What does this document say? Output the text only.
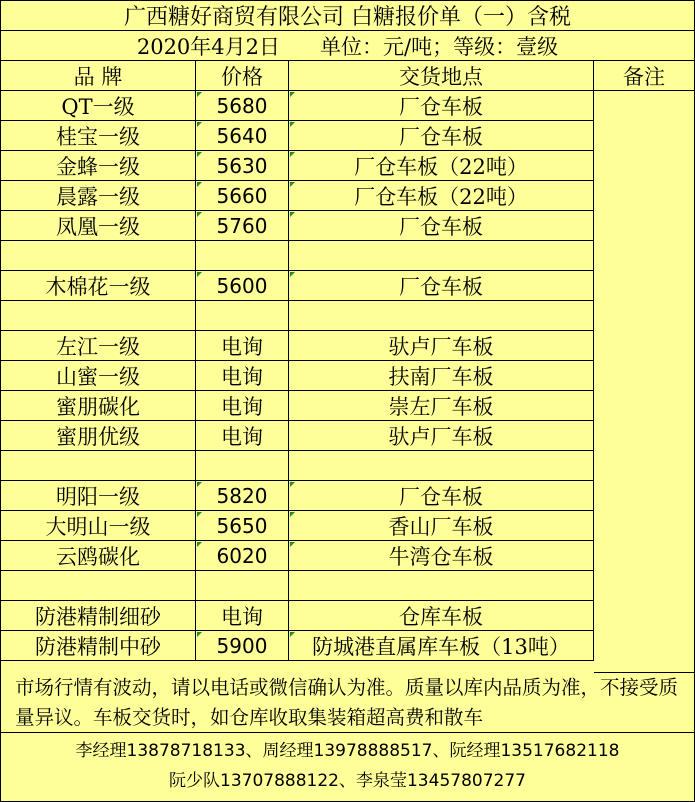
广西糖好商贸有限公司 白糖报价单（一）含税
2020年4月2日      单位：元/吨；等级：壹级
品 牌	价格	交货地点	备注
QT一级	5680	厂仓车板
桂宝一级	5640	厂仓车板
金蜂一级	5630	厂仓车板（22吨）
晨露一级	5660	厂仓车板（22吨）
凤凰一级	5760	厂仓车板
木棉花一级	5600	厂仓车板
左江一级	电询	驮卢厂车板
山蜜一级	电询	扶南厂车板
蜜朋碳化	电询	崇左厂车板
蜜朋优级	电询	驮卢厂车板
明阳一级	5820	厂仓车板
大明山一级	5650	香山厂车板
云鸥碳化	6020	牛湾仓车板
防港精制细砂	电询	仓库车板
防港精制中砂	5900	防城港直属库车板（13吨）
市场行情有波动，请以电话或微信确认为准。质量以库内品质为准，不接受质量异议。车板交货时，如仓库收取集装箱超高费和散车
李经理13878718133、周经理13978888517、阮经理13517682118
阮少队13707888122、李泉莹13457807277
